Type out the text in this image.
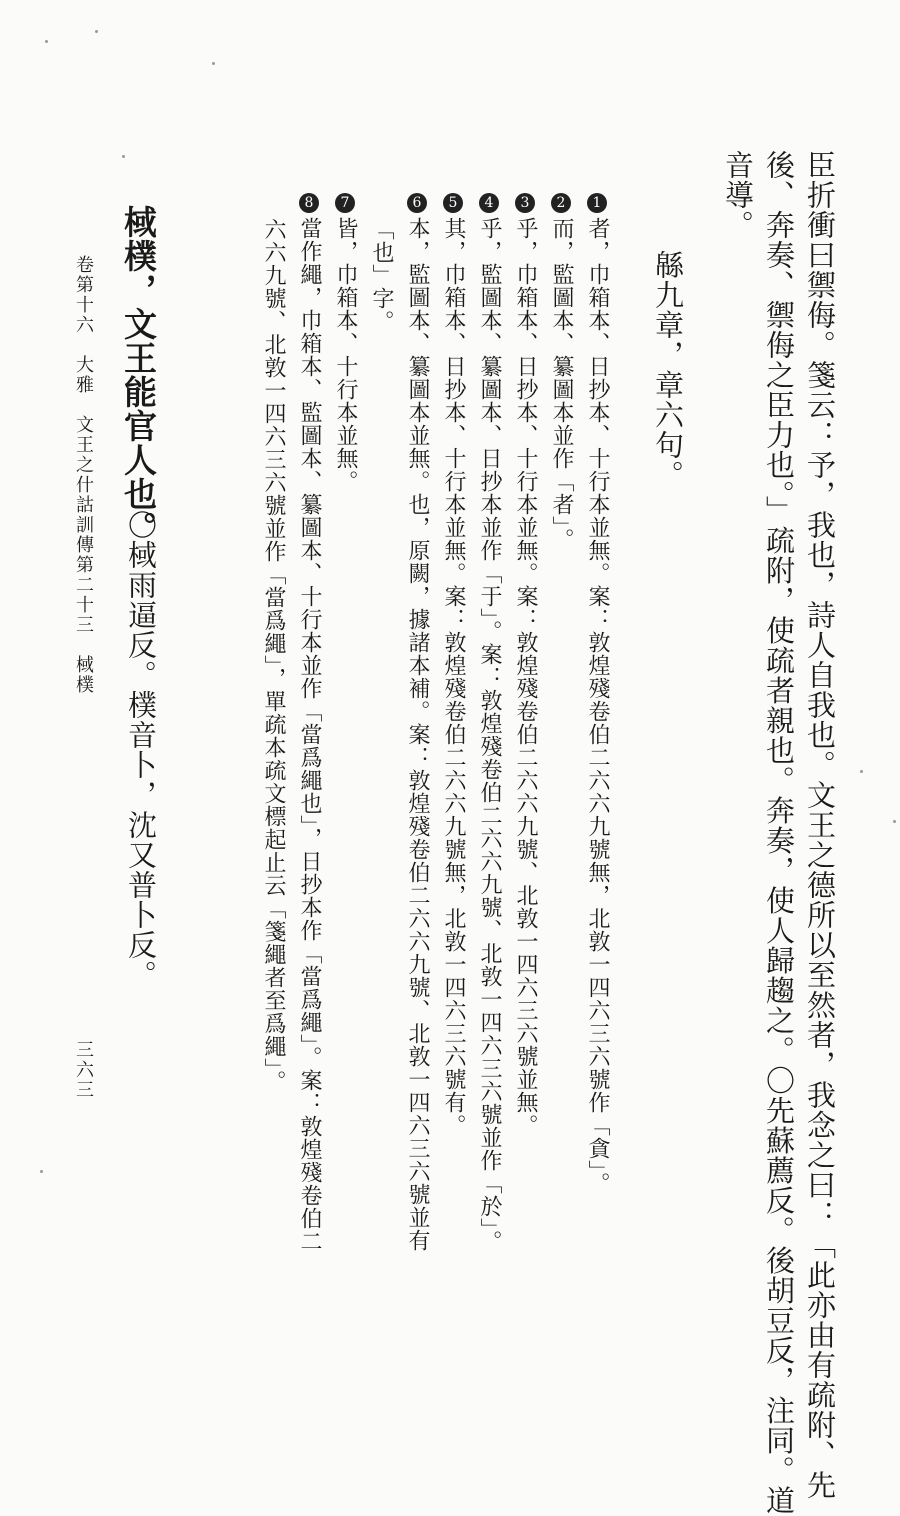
臣折衝曰禦侮。箋云：予，我也，詩人自我也。文王之德所以至然者，我念之曰：「此亦由有疏附、先
後、奔奏、禦侮之臣力也。」疏附，使疏者親也。奔奏，使人歸趨之。〇先蘇薦反。後胡豆反，注同。道
音導。
緜九章，章六句。
1者，巾箱本、日抄本、十行本並無。案：敦煌殘卷伯二六六九號無，北敦一四六三六號作「貪」。
2而，監圖本、纂圖本並作「者」。
3乎，巾箱本、日抄本、十行本並無。案：敦煌殘卷伯二六六九號、北敦一四六三六號並無。
4乎，監圖本、纂圖本、日抄本並作「于」。案：敦煌殘卷伯二六六九號、北敦一四六三六號並作「於」。
5其，巾箱本、日抄本、十行本並無。案：敦煌殘卷伯二六六九號無，北敦一四六三六號有。
6本，監圖本、纂圖本並無。也，原闕，據諸本補。案：敦煌殘卷伯二六六九號、北敦一四六三六號並有
「也」字。
7皆，巾箱本、十行本並無。
8當作繩，巾箱本、監圖本、纂圖本、十行本並作「當爲繩也」，日抄本作「當爲繩」。案：敦煌殘卷伯二
六六九號、北敦一四六三六號並作「當爲繩」，單疏本疏文標起止云「箋繩者至爲繩」。
棫樸，文王能官人也。
〇棫雨逼反。樸音卜，沈又普卜反。
卷第十六　大雅　文王之什詁訓傳第二十三　棫樸
三六三
